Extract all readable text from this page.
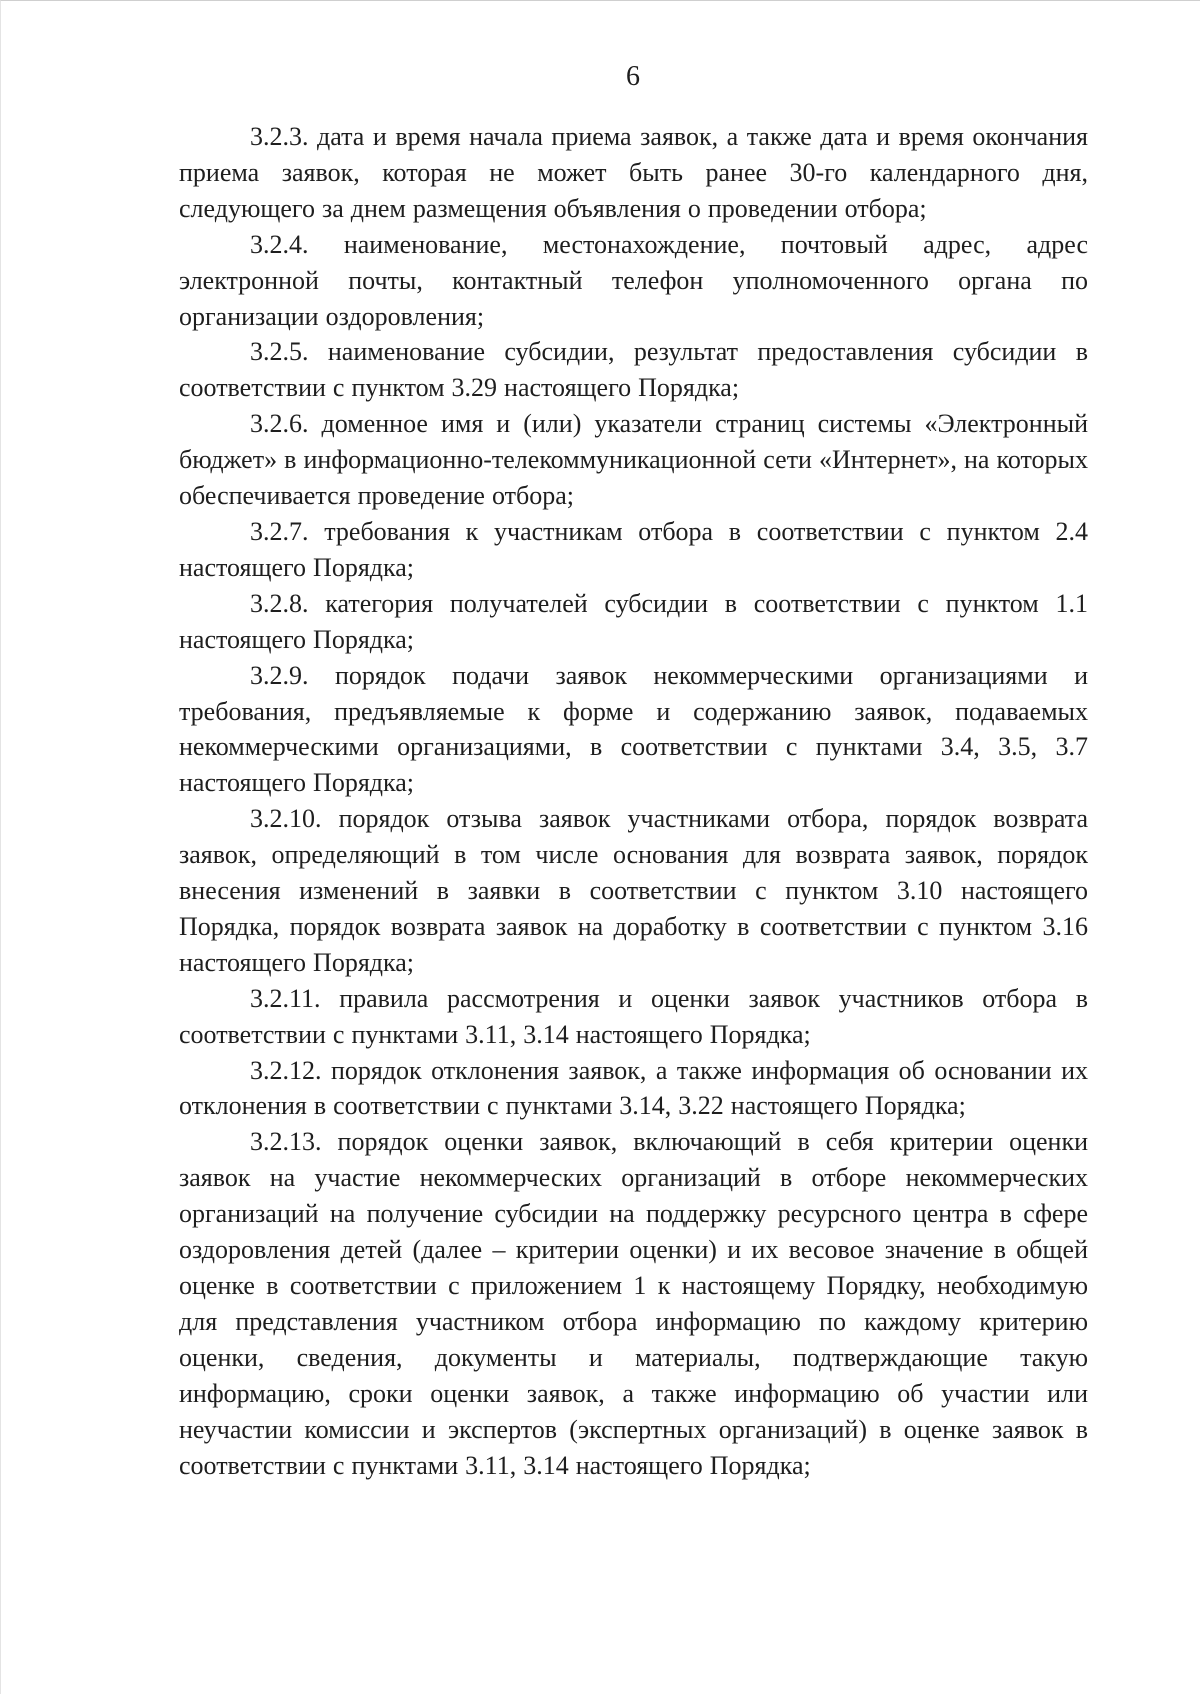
6

3.2.3. дата и время начала приема заявок, а также дата и время окончания приема заявок, которая не может быть ранее 30-го календарного дня, следующего за днем размещения объявления о проведении отбора;

3.2.4. наименование, местонахождение, почтовый адрес, адрес электронной почты, контактный телефон уполномоченного органа по организации оздоровления;

3.2.5. наименование субсидии, результат предоставления субсидии в соответствии с пунктом 3.29 настоящего Порядка;

3.2.6. доменное имя и (или) указатели страниц системы «Электронный бюджет» в информационно-телекоммуникационной сети «Интернет», на которых обеспечивается проведение отбора;

3.2.7. требования к участникам отбора в соответствии с пунктом 2.4 настоящего Порядка;

3.2.8. категория получателей субсидии в соответствии с пунктом 1.1 настоящего Порядка;

3.2.9. порядок подачи заявок некоммерческими организациями и требования, предъявляемые к форме и содержанию заявок, подаваемых некоммерческими организациями, в соответствии с пунктами 3.4, 3.5, 3.7 настоящего Порядка;

3.2.10. порядок отзыва заявок участниками отбора, порядок возврата заявок, определяющий в том числе основания для возврата заявок, порядок внесения изменений в заявки в соответствии с пунктом 3.10 настоящего Порядка, порядок возврата заявок на доработку в соответствии с пунктом 3.16 настоящего Порядка;

3.2.11. правила рассмотрения и оценки заявок участников отбора в соответствии с пунктами 3.11, 3.14 настоящего Порядка;

3.2.12. порядок отклонения заявок, а также информация об основании их отклонения в соответствии с пунктами 3.14, 3.22 настоящего Порядка;

3.2.13. порядок оценки заявок, включающий в себя критерии оценки заявок на участие некоммерческих организаций в отборе некоммерческих организаций на получение субсидии на поддержку ресурсного центра в сфере оздоровления детей (далее – критерии оценки) и их весовое значение в общей оценке в соответствии с приложением 1 к настоящему Порядку, необходимую для представления участником отбора информацию по каждому критерию оценки, сведения, документы и материалы, подтверждающие такую информацию, сроки оценки заявок, а также информацию об участии или неучастии комиссии и экспертов (экспертных организаций) в оценке заявок в соответствии с пунктами 3.11, 3.14 настоящего Порядка;
